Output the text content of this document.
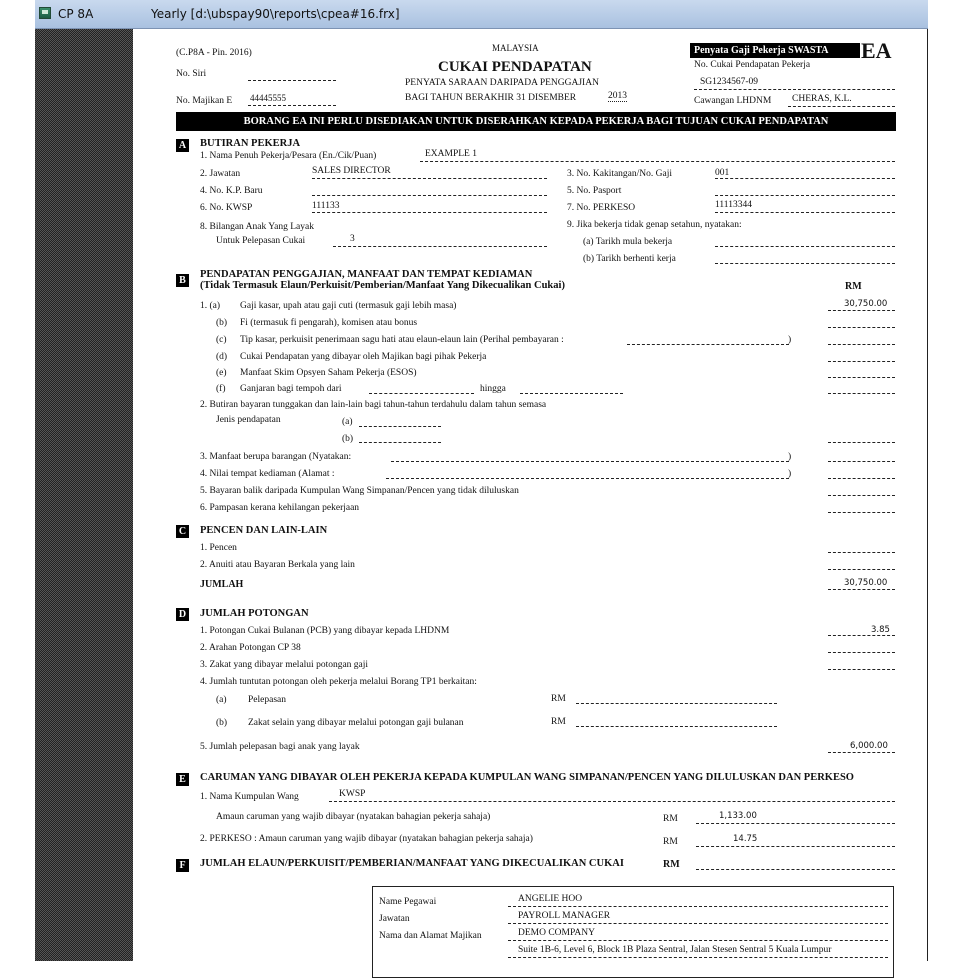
CP 8A	Yearly [d:\ubspay90\reports\cpea#16.frx]
(C.P8A - Pin. 2016)
No. Siri
No. Majikan E 44445555
MALAYSIA
CUKAI PENDAPATAN
PENYATA SARAAN DARIPADA PENGGAJIAN
BAGI TAHUN BERAKHIR 31 DISEMBER	2013
Penyata Gaji Pekerja SWASTA	EA
No. Cukai Pendapatan Pekerja
SG1234567-09
Cawangan LHDNM CHERAS, K.L.
BORANG EA INI PERLU DISEDIAKAN UNTUK DISERAHKAN KEPADA PEKERJA BAGI TUJUAN CUKAI PENDAPATAN
A BUTIRAN PEKERJA
1. Nama Penuh Pekerja/Pesara (En./Cik/Puan)	EXAMPLE 1
2. Jawatan	SALES DIRECTOR	3. No. Kakitangan/No. Gaji	001
4. No. K.P. Baru	5. No. Pasport
6. No. KWSP	111133	7. No. PERKESO	11113344
8. Bilangan Anak Yang Layak
Untuk Pelepasan Cukai	3
9. Jika bekerja tidak genap setahun, nyatakan:
(a) Tarikh mula bekerja
(b) Tarikh berhenti kerja
B
PENDAPATAN PENGGAJIAN, MANFAAT DAN TEMPAT KEDIAMAN
(Tidak Termasuk Elaun/Perkuisit/Pemberian/Manfaat Yang Dikecualikan Cukai)	RM
1. (a) Gaji kasar, upah atau gaji cuti (termasuk gaji lebih masa)	30,750.00
(b) Fi (termasuk fi pengarah), komisen atau bonus
(c) Tip kasar, perkuisit penerimaan sagu hati atau elaun-elaun lain (Perihal pembayaran :	)
(d) Cukai Pendapatan yang dibayar oleh Majikan bagi pihak Pekerja
(e) Manfaat Skim Opsyen Saham Pekerja (ESOS)
(f) Ganjaran bagi tempoh dari	hingga
2. Butiran bayaran tunggakan dan lain-lain bagi tahun-tahun terdahulu dalam tahun semasa
Jenis pendapatan	(a)
(b)
3. Manfaat berupa barangan (Nyatakan:	)
4. Nilai tempat kediaman (Alamat :	)
5. Bayaran balik daripada Kumpulan Wang Simpanan/Pencen yang tidak diluluskan
6. Pampasan kerana kehilangan pekerjaan
C PENCEN DAN LAIN-LAIN
1. Pencen
2. Anuiti atau Bayaran Berkala yang lain
JUMLAH	30,750.00
D JUMLAH POTONGAN
1. Potongan Cukai Bulanan (PCB) yang dibayar kepada LHDNM	3.85
2. Arahan Potongan CP 38
3. Zakat yang dibayar melalui potongan gaji
4. Jumlah tuntutan potongan oleh pekerja melalui Borang TP1 berkaitan:
(a) Pelepasan	RM
(b) Zakat selain yang dibayar melalui potongan gaji bulanan	RM
5. Jumlah pelepasan bagi anak yang layak	6,000.00
E	CARUMAN YANG DIBAYAR OLEH PEKERJA KEPADA KUMPULAN WANG SIMPANAN/PENCEN YANG DILULUSKAN DAN PERKESO
1. Nama Kumpulan Wang	KWSP
Amaun caruman yang wajib dibayar (nyatakan bahagian pekerja sahaja)	RM	1,133.00
2. PERKESO : Amaun caruman yang wajib dibayar (nyatakan bahagian pekerja sahaja)	RM	14.75
F	JUMLAH ELAUN/PERKUISIT/PEMBERIAN/MANFAAT YANG DIKECUALIKAN CUKAI	RM
Name Pegawai	ANGELIE HOO
Jawatan	PAYROLL MANAGER
Nama dan Alamat Majikan	DEMO COMPANY
Suite 1B-6, Level 6, Block 1B Plaza Sentral, Jalan Stesen Sentral 5 Kuala Lumpur
